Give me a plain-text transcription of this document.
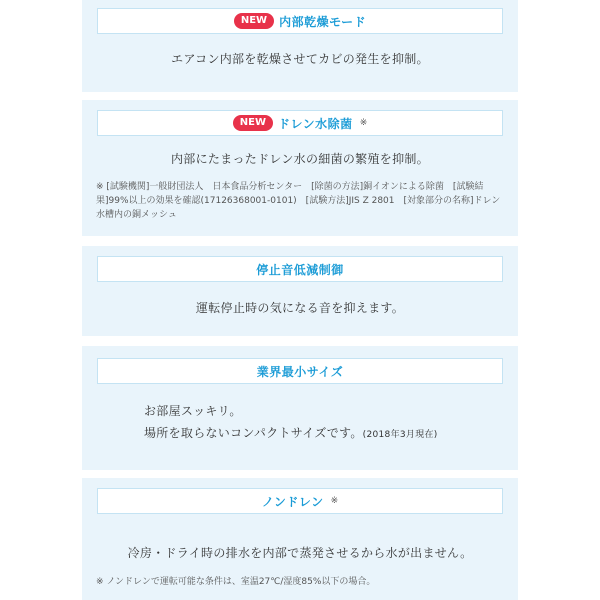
NEW	内部乾燥モード
エアコン内部を乾燥させてカビの発生を抑制。
NEW	ドレン水除菌 ※
内部にたまったドレン水の細菌の繁殖を抑制。
※ [試験機関]一般財団法人　日本食品分析センター　[除菌の方法]銅イオンによる除菌　[試験結果]99%以上の効果を確認(17126368001-0101)　[試験方法]JIS Z 2801　[対象部分の名称]ドレン水槽内の銅メッシュ
停止音低減制御
運転停止時の気になる音を抑えます。
業界最小サイズ
お部屋スッキリ。
場所を取らないコンパクトサイズです。(2018年3月現在)
ノンドレン ※
冷房・ドライ時の排水を内部で蒸発させるから水が出ません。
※ ノンドレンで運転可能な条件は、室温27℃/湿度85%以下の場合。
